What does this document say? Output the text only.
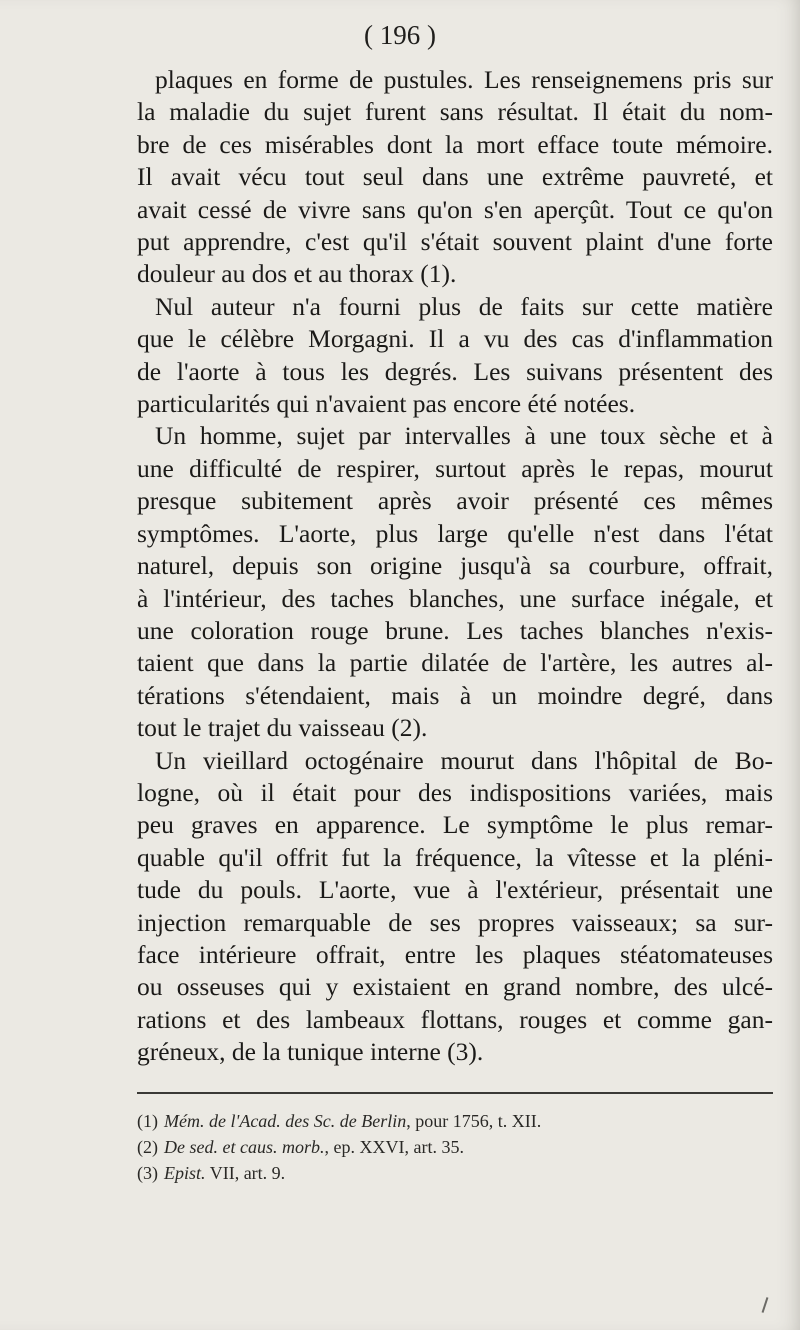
( 196 )
plaques en forme de pustules. Les renseignemens pris sur
la maladie du sujet furent sans résultat. Il était du nom-
bre de ces misérables dont la mort efface toute mémoire.
Il avait vécu tout seul dans une extrême pauvreté, et
avait cessé de vivre sans qu'on s'en aperçût. Tout ce qu'on
put apprendre, c'est qu'il s'était souvent plaint d'une forte
douleur au dos et au thorax (1).
Nul auteur n'a fourni plus de faits sur cette matière
que le célèbre Morgagni. Il a vu des cas d'inflammation
de l'aorte à tous les degrés. Les suivans présentent des
particularités qui n'avaient pas encore été notées.
Un homme, sujet par intervalles à une toux sèche et à
une difficulté de respirer, surtout après le repas, mourut
presque subitement après avoir présenté ces mêmes
symptômes. L'aorte, plus large qu'elle n'est dans l'état
naturel, depuis son origine jusqu'à sa courbure, offrait,
à l'intérieur, des taches blanches, une surface inégale, et
une coloration rouge brune. Les taches blanches n'exis-
taient que dans la partie dilatée de l'artère, les autres al-
térations s'étendaient, mais à un moindre degré, dans
tout le trajet du vaisseau (2).
Un vieillard octogénaire mourut dans l'hôpital de Bo-
logne, où il était pour des indispositions variées, mais
peu graves en apparence. Le symptôme le plus remar-
quable qu'il offrit fut la fréquence, la vîtesse et la pléni-
tude du pouls. L'aorte, vue à l'extérieur, présentait une
injection remarquable de ses propres vaisseaux; sa sur-
face intérieure offrait, entre les plaques stéatomateuses
ou osseuses qui y existaient en grand nombre, des ulcé-
rations et des lambeaux flottans, rouges et comme gan-
gréneux, de la tunique interne (3).
(1) Mém. de l'Acad. des Sc. de Berlin, pour 1756, t. XII.
(2) De sed. et caus. morb., ep. XXVI, art. 35.
(3) Epist. VII, art. 9.
